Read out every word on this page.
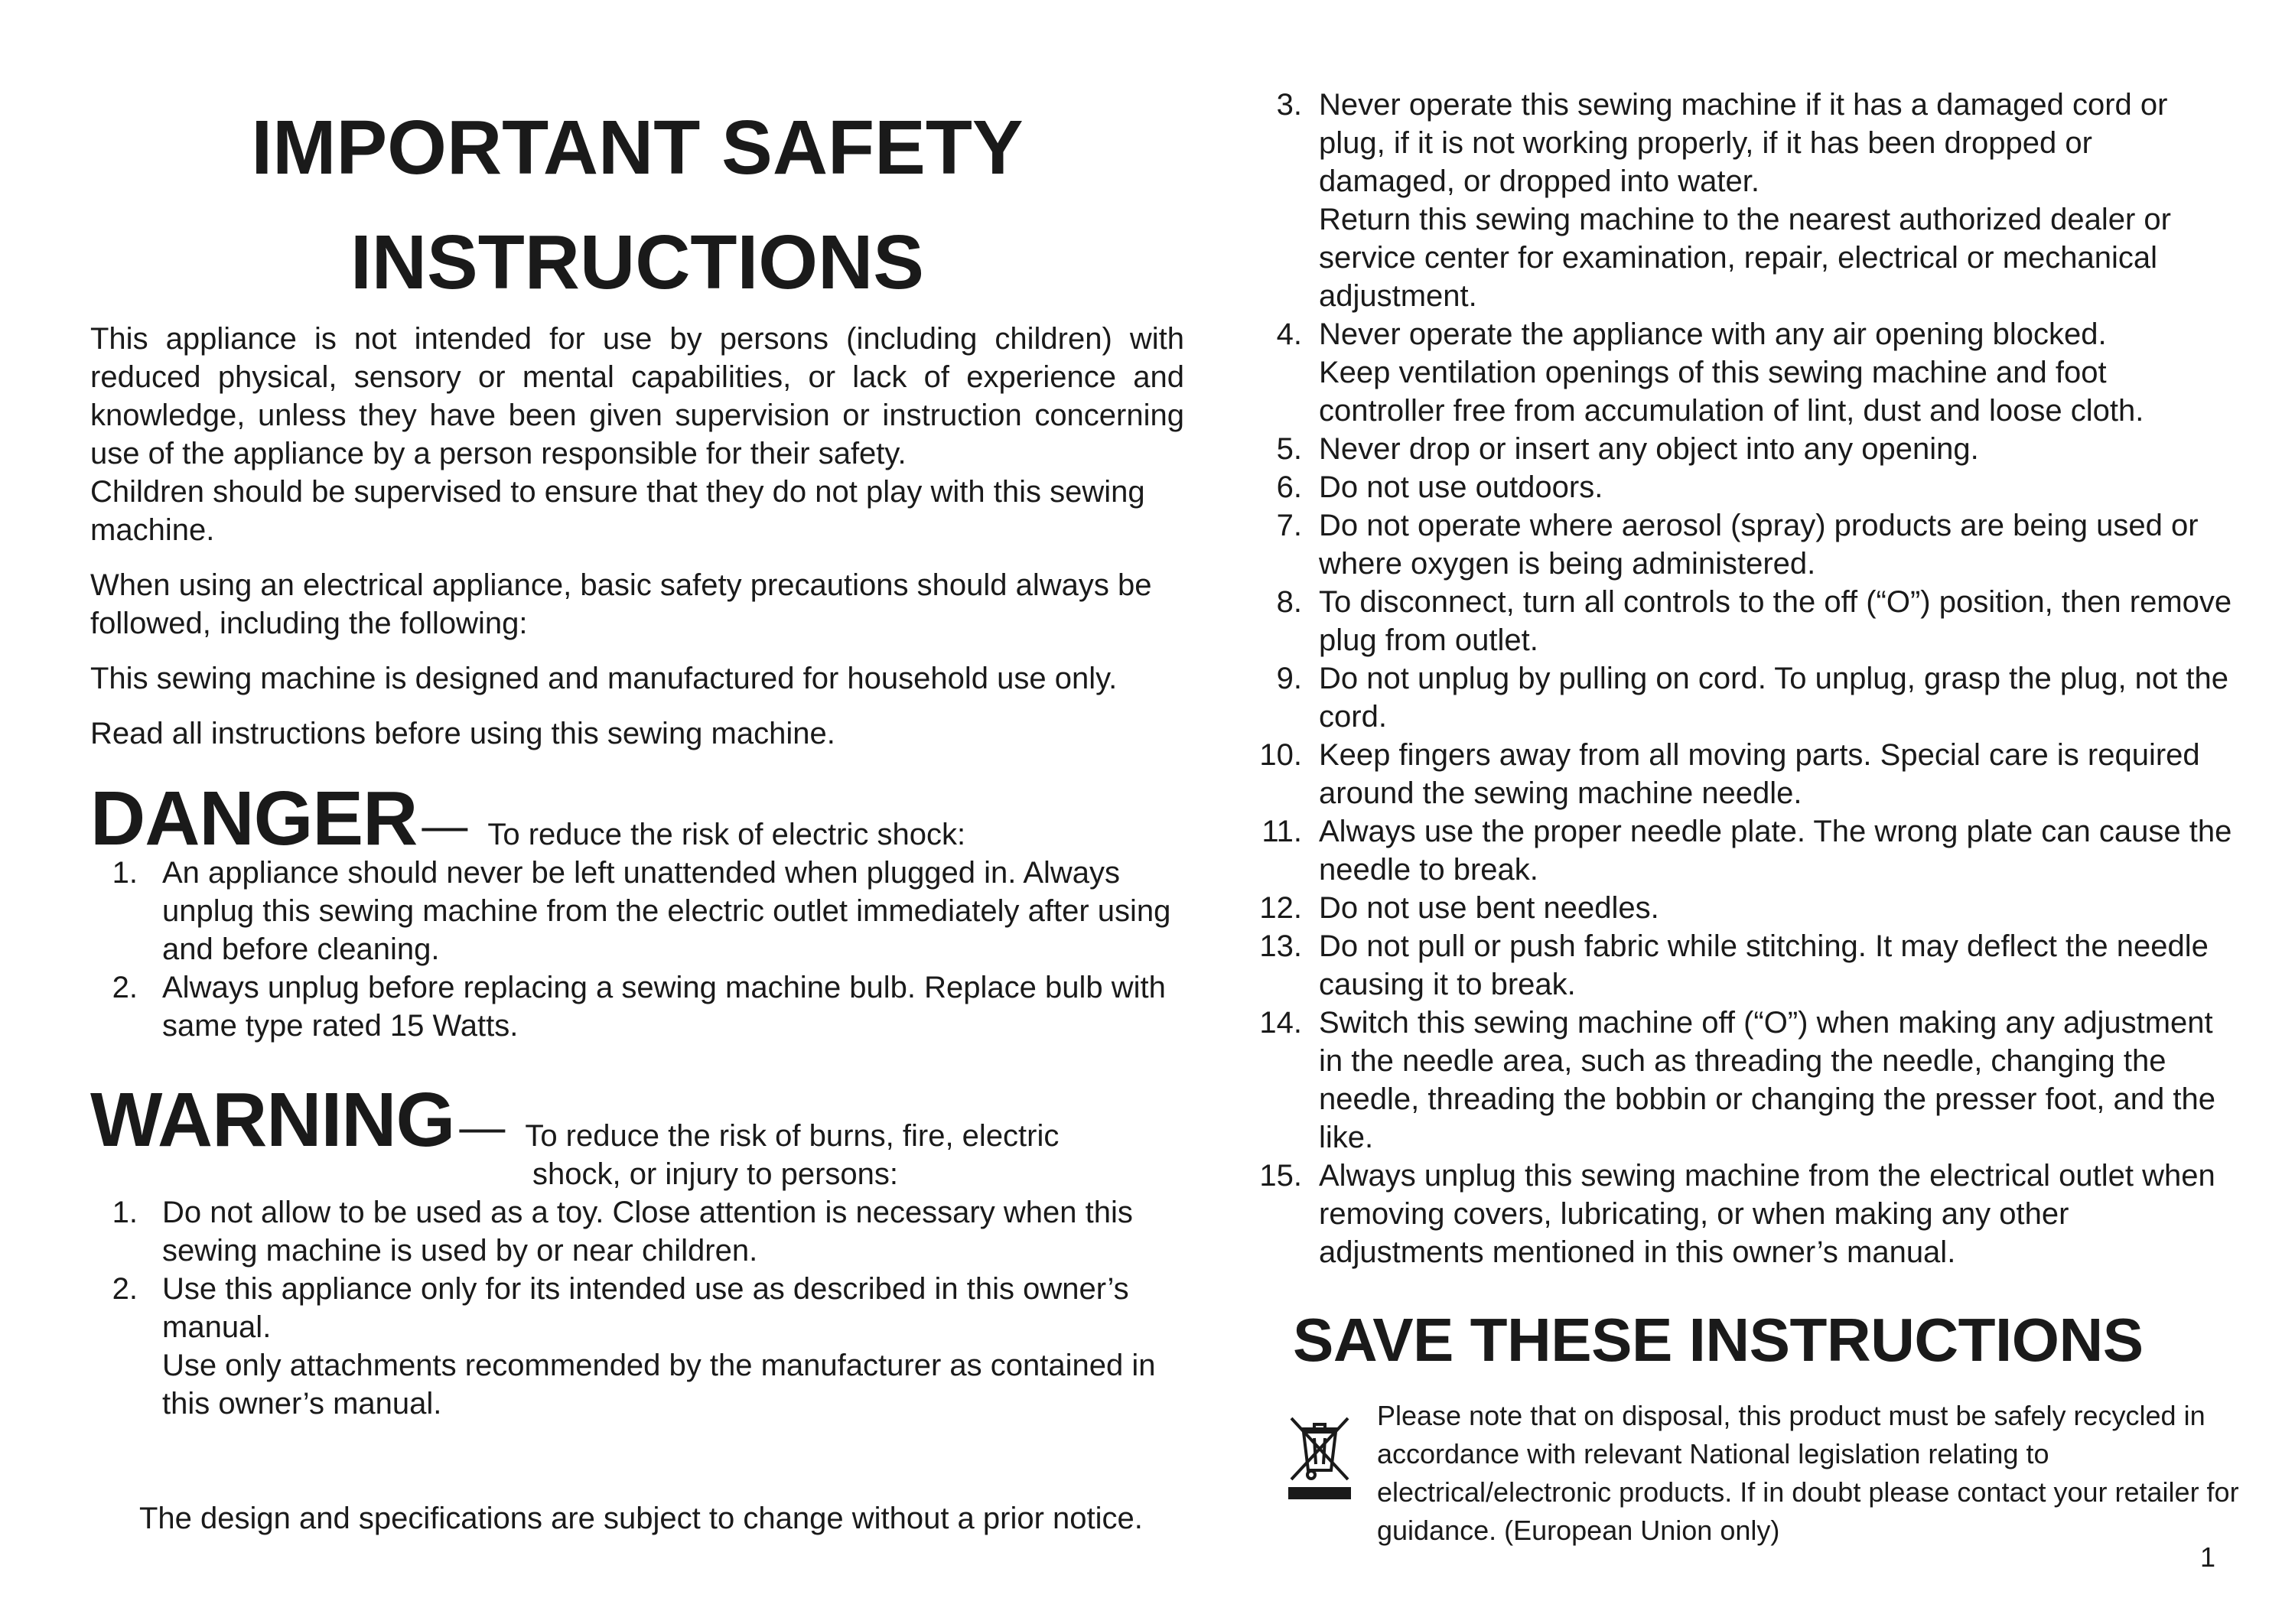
IMPORTANT SAFETY
INSTRUCTIONS

This appliance is not intended for use by persons (including children) with reduced physical, sensory or mental capabilities, or lack of experience and knowledge, unless they have been given supervision or instruction concerning use of the appliance by a person responsible for their safety.

Children should be supervised to ensure that they do not play with this sewing machine.

When using an electrical appliance, basic safety precautions should always be followed, including the following:

This sewing machine is designed and manufactured for household use only.

Read all instructions before using this sewing machine.

DANGER — To reduce the risk of electric shock:
1. An appliance should never be left unattended when plugged in. Always unplug this sewing machine from the electric outlet immediately after using and before cleaning.
2. Always unplug before replacing a sewing machine bulb. Replace bulb with same type rated 15 Watts.
WARNING — To reduce the risk of burns, fire, electric
shock, or injury to persons:
1. Do not allow to be used as a toy. Close attention is necessary when this sewing machine is used by or near children.
2. Use this appliance only for its intended use as described in this owner’s manual.
Use only attachments recommended by the manufacturer as contained in this owner’s manual.
The design and specifications are subject to change without a prior notice.
3. Never operate this sewing machine if it has a damaged cord or plug, if it is not working properly, if it has been dropped or damaged, or dropped into water.
Return this sewing machine to the nearest authorized dealer or service center for examination, repair, electrical or mechanical adjustment.
4. Never operate the appliance with any air opening blocked.
Keep ventilation openings of this sewing machine and foot controller free from accumulation of lint, dust and loose cloth.
5. Never drop or insert any object into any opening.
6. Do not use outdoors.
7. Do not operate where aerosol (spray) products are being used or where oxygen is being administered.
8. To disconnect, turn all controls to the off (“O”) position, then remove plug from outlet.
9. Do not unplug by pulling on cord. To unplug, grasp the plug, not the cord.
10. Keep fingers away from all moving parts. Special care is required around the sewing machine needle.
11. Always use the proper needle plate. The wrong plate can cause the needle to break.
12. Do not use bent needles.
13. Do not pull or push fabric while stitching. It may deflect the needle causing it to break.
14. Switch this sewing machine off (“O”) when making any adjustment in the needle area, such as threading the needle, changing the needle, threading the bobbin or changing the presser foot, and the like.
15. Always unplug this sewing machine from the electrical outlet when removing covers, lubricating, or when making any other adjustments mentioned in this owner’s manual.
SAVE THESE INSTRUCTIONS
Please note that on disposal, this product must be safely recycled in accordance with relevant National legislation relating to electrical/electronic products. If in doubt please contact your retailer for guidance. (European Union only)
1
